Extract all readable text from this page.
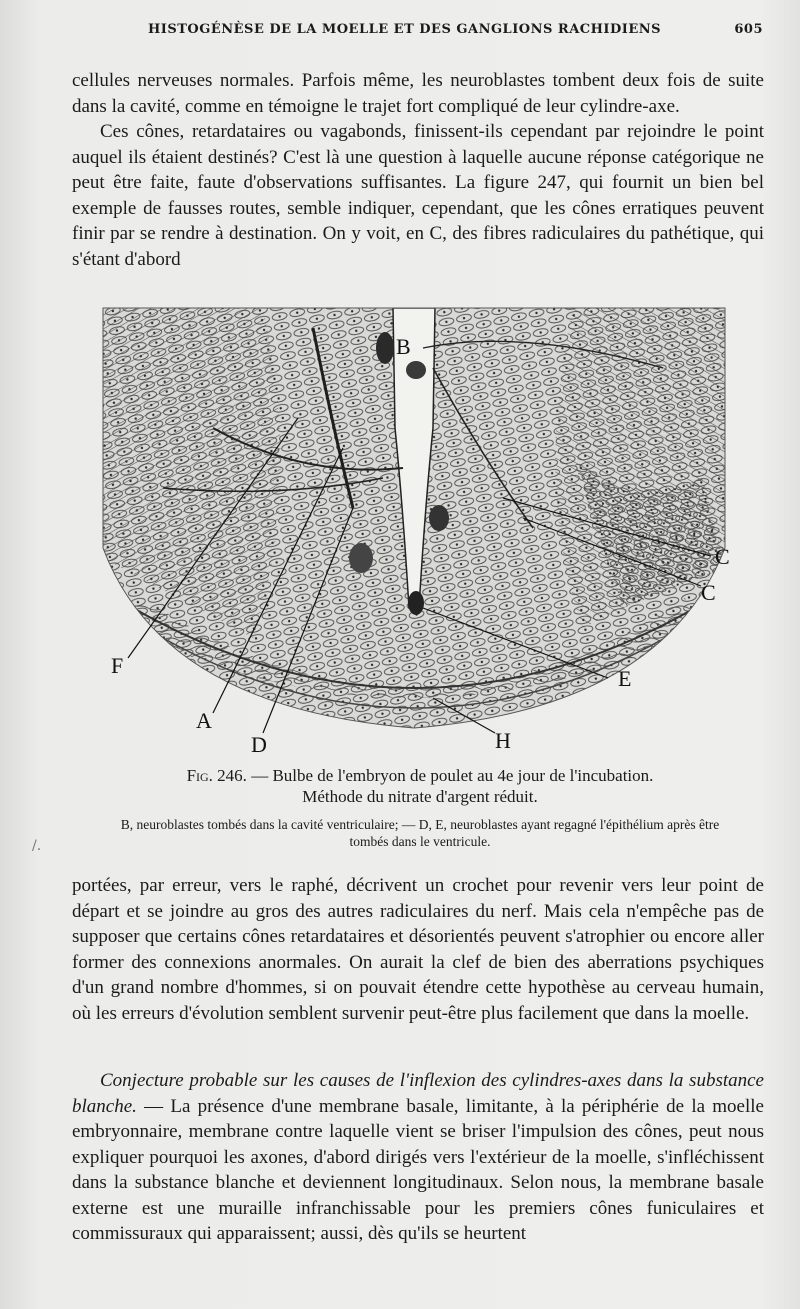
HISTOGÉNÈSE DE LA MOELLE ET DES GANGLIONS RACHIDIENS	605

cellules nerveuses normales. Parfois même, les neuroblastes tombent deux fois de suite dans la cavité, comme en témoigne le trajet fort compliqué de leur cylindre-axe.

Ces cônes, retardataires ou vagabonds, finissent-ils cependant par rejoindre le point auquel ils étaient destinés? C'est là une question à laquelle aucune réponse catégorique ne peut être faite, faute d'observations suffisantes. La figure 247, qui fournit un bien bel exemple de fausses routes, semble indiquer, cependant, que les cônes erratiques peuvent finir par se rendre à destination. On y voit, en C, des fibres radiculaires du pathétique, qui s'étant d'abord

B
C
C
E
F
A
D	H
Fig. 246. — Bulbe de l'embryon de poulet au 4e jour de l'incubation.
Méthode du nitrate d'argent réduit.
B, neuroblastes tombés dans la cavité ventriculaire; — D, E, neuroblastes ayant regagné l'épithélium après être tombés dans le ventricule.
/.

portées, par erreur, vers le raphé, décrivent un crochet pour revenir vers leur point de départ et se joindre au gros des autres radiculaires du nerf. Mais cela n'empêche pas de supposer que certains cônes retardataires et désorientés peuvent s'atrophier ou encore aller former des connexions anormales. On aurait la clef de bien des aberrations psychiques d'un grand nombre d'hommes, si on pouvait étendre cette hypothèse au cerveau humain, où les erreurs d'évolution semblent survenir peut-être plus facilement que dans la moelle.

Conjecture probable sur les causes de l'inflexion des cylindres-axes dans la substance blanche. — La présence d'une membrane basale, limitante, à la périphérie de la moelle embryonnaire, membrane contre laquelle vient se briser l'impulsion des cônes, peut nous expliquer pourquoi les axones, d'abord dirigés vers l'extérieur de la moelle, s'infléchissent dans la substance blanche et deviennent longitudinaux. Selon nous, la membrane basale externe est une muraille infranchissable pour les premiers cônes funiculaires et commissuraux qui apparaissent; aussi, dès qu'ils se heurtent
